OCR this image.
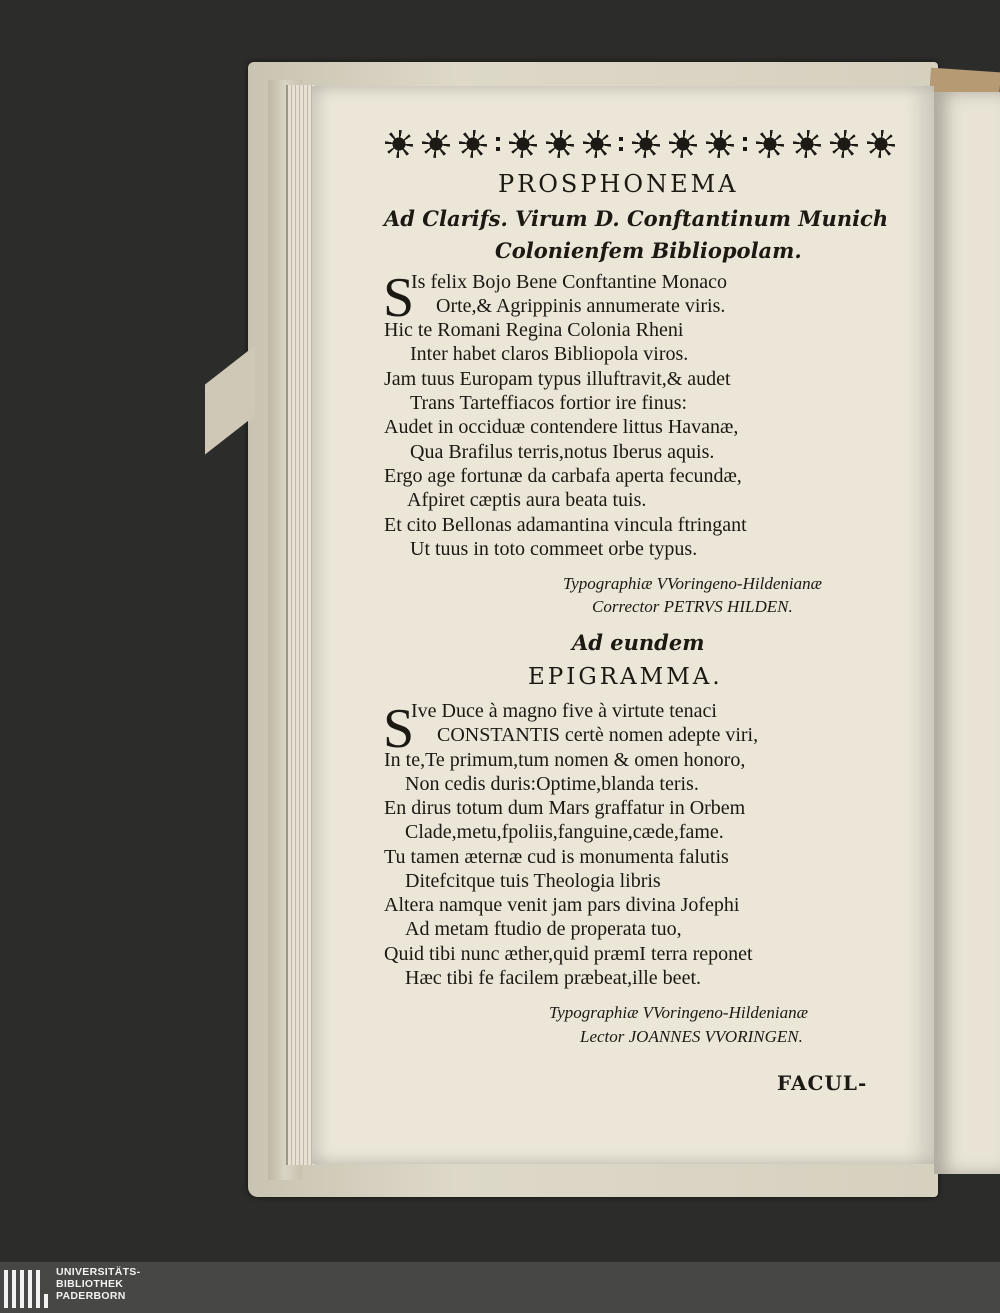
PROSPHONEMA
Ad Clarifs. Virum D. Conftantinum Munich
Colonienfem Bibliopolam.
S
Is felix Bojo Bene Conftantine Monaco
Orte,& Agrippinis annumerate viris.
Hic te Romani Regina Colonia Rheni
Inter habet claros Bibliopola viros.
Jam tuus Europam typus illuftravit,& audet
Trans Tarteffiacos fortior ire finus:
Audet in occiduæ contendere littus Havanæ,
Qua Brafilus terris,notus Iberus aquis.
Ergo age fortunæ da carbafa aperta fecundæ,
Afpiret cæptis aura beata tuis.
Et cito Bellonas adamantina vincula ftringant
Ut tuus in toto commeet orbe typus.
Typographiæ VVoringeno-Hildenianæ
Corrector PETRVS HILDEN.
Ad eundem
EPIGRAMMA.
S
Ive Duce à magno five à virtute tenaci
CONSTANTIS certè nomen adepte viri,
In te,Te primum,tum nomen & omen honoro,
Non cedis duris:Optime,blanda teris.
En dirus totum dum Mars graffatur in Orbem
Clade,metu,fpoliis,fanguine,cæde,fame.
Tu tamen æternæ cud is monumenta falutis
Ditefcitque tuis Theologia libris
Altera namque venit jam pars divina Jofephi
Ad metam ftudio de properata tuo,
Quid tibi nunc æther,quid præmI terra reponet
Hæc tibi fe facilem præbeat,ille beet.
Typographiæ VVoringeno-Hildenianæ
Lector JOANNES VVORINGEN.
FACUL-
UNIVERSITÄTS-
BIBLIOTHEK
PADERBORN
